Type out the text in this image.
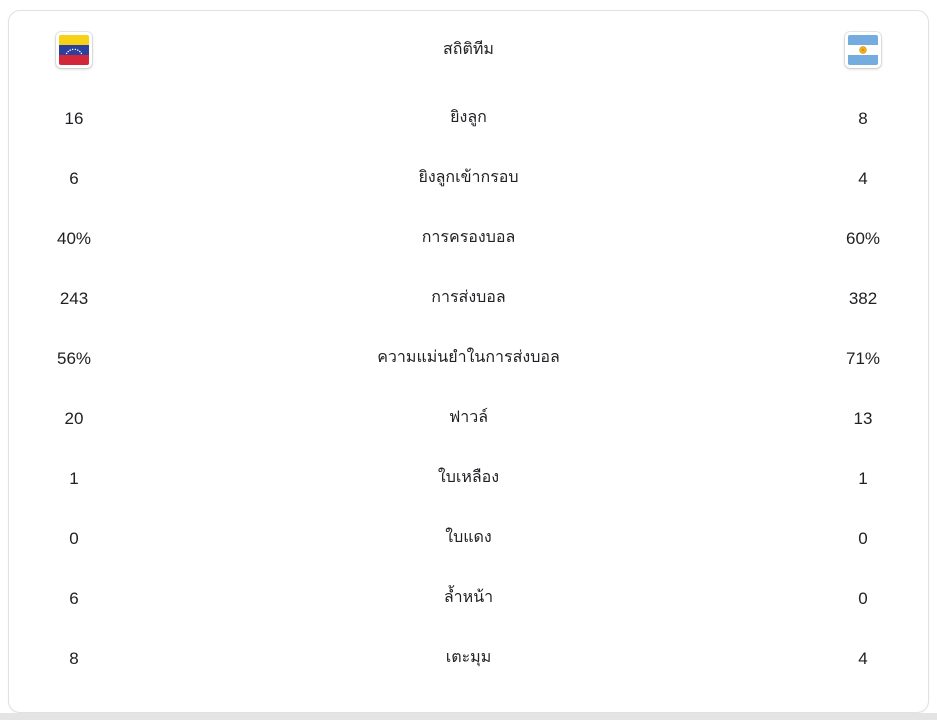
สถิติทีม
16	ยิงลูก	8
6	ยิงลูกเข้ากรอบ	4
40%	การครองบอล	60%
243	การส่งบอล	382
56%	ความแม่นยำในการส่งบอล	71%
20	ฟาวล์	13
1	ใบเหลือง	1
0	ใบแดง	0
6	ล้ำหน้า	0
8	เตะมุม	4
